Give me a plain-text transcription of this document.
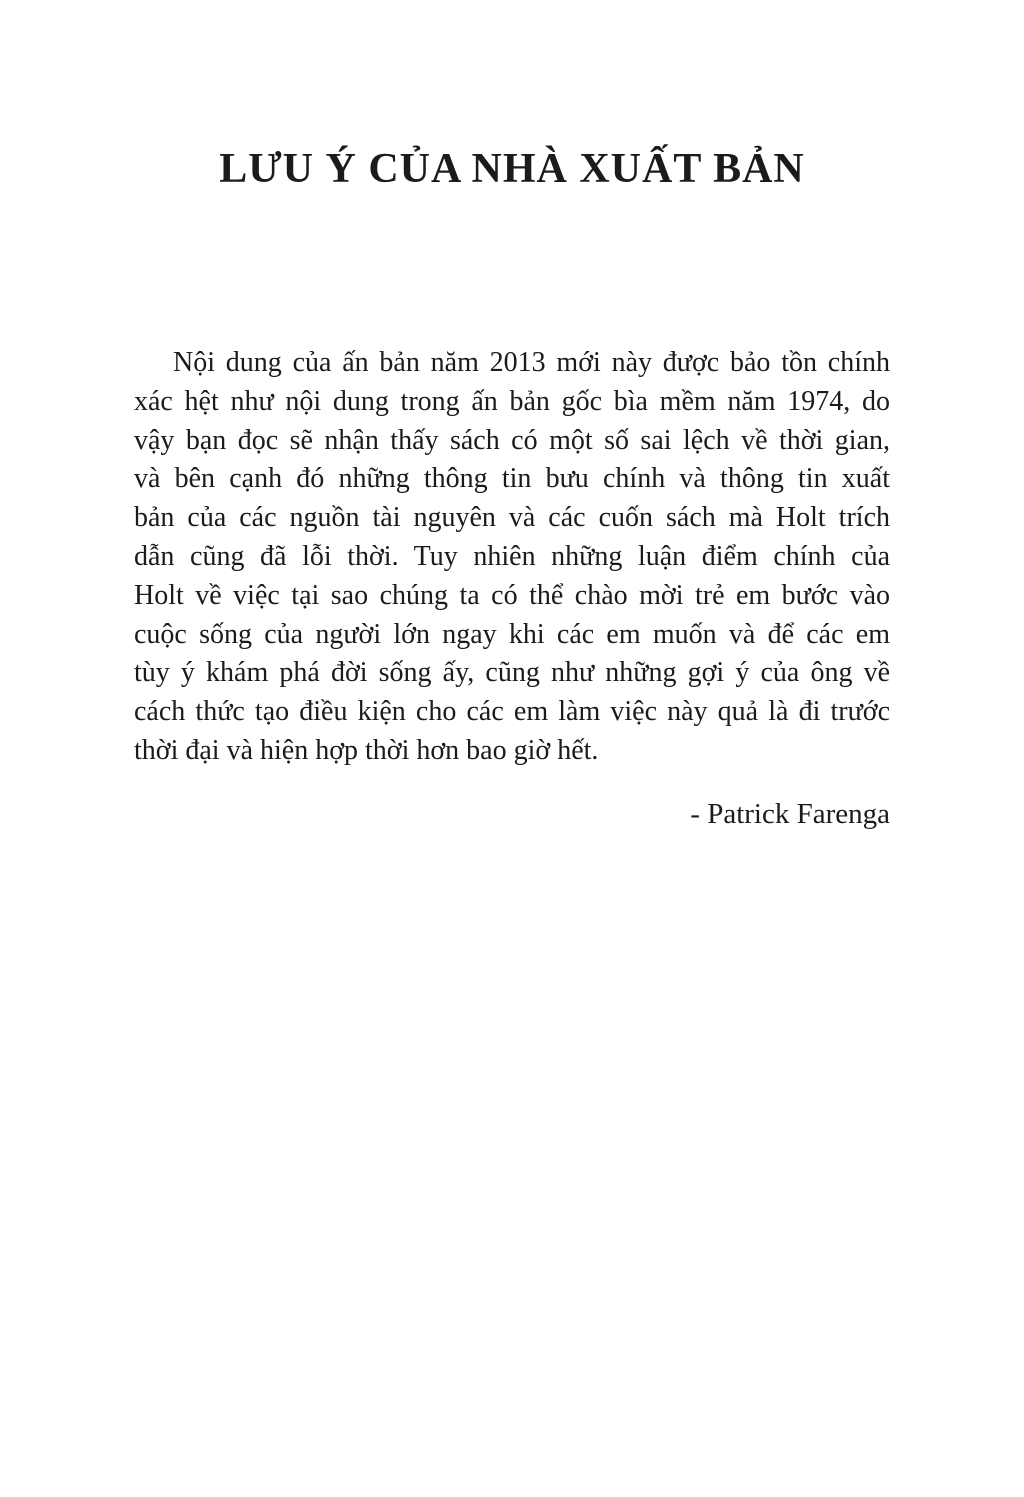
LƯU Ý CỦA NHÀ XUẤT BẢN
Nội dung của ấn bản năm 2013 mới này được bảo tồn chính
xác hệt như nội dung trong ấn bản gốc bìa mềm năm 1974, do
vậy bạn đọc sẽ nhận thấy sách có một số sai lệch về thời gian,
và bên cạnh đó những thông tin bưu chính và thông tin xuất
bản của các nguồn tài nguyên và các cuốn sách mà Holt trích
dẫn cũng đã lỗi thời. Tuy nhiên những luận điểm chính của
Holt về việc tại sao chúng ta có thể chào mời trẻ em bước vào
cuộc sống của người lớn ngay khi các em muốn và để các em
tùy ý khám phá đời sống ấy, cũng như những gợi ý của ông về
cách thức tạo điều kiện cho các em làm việc này quả là đi trước
thời đại và hiện hợp thời hơn bao giờ hết.
- Patrick Farenga
